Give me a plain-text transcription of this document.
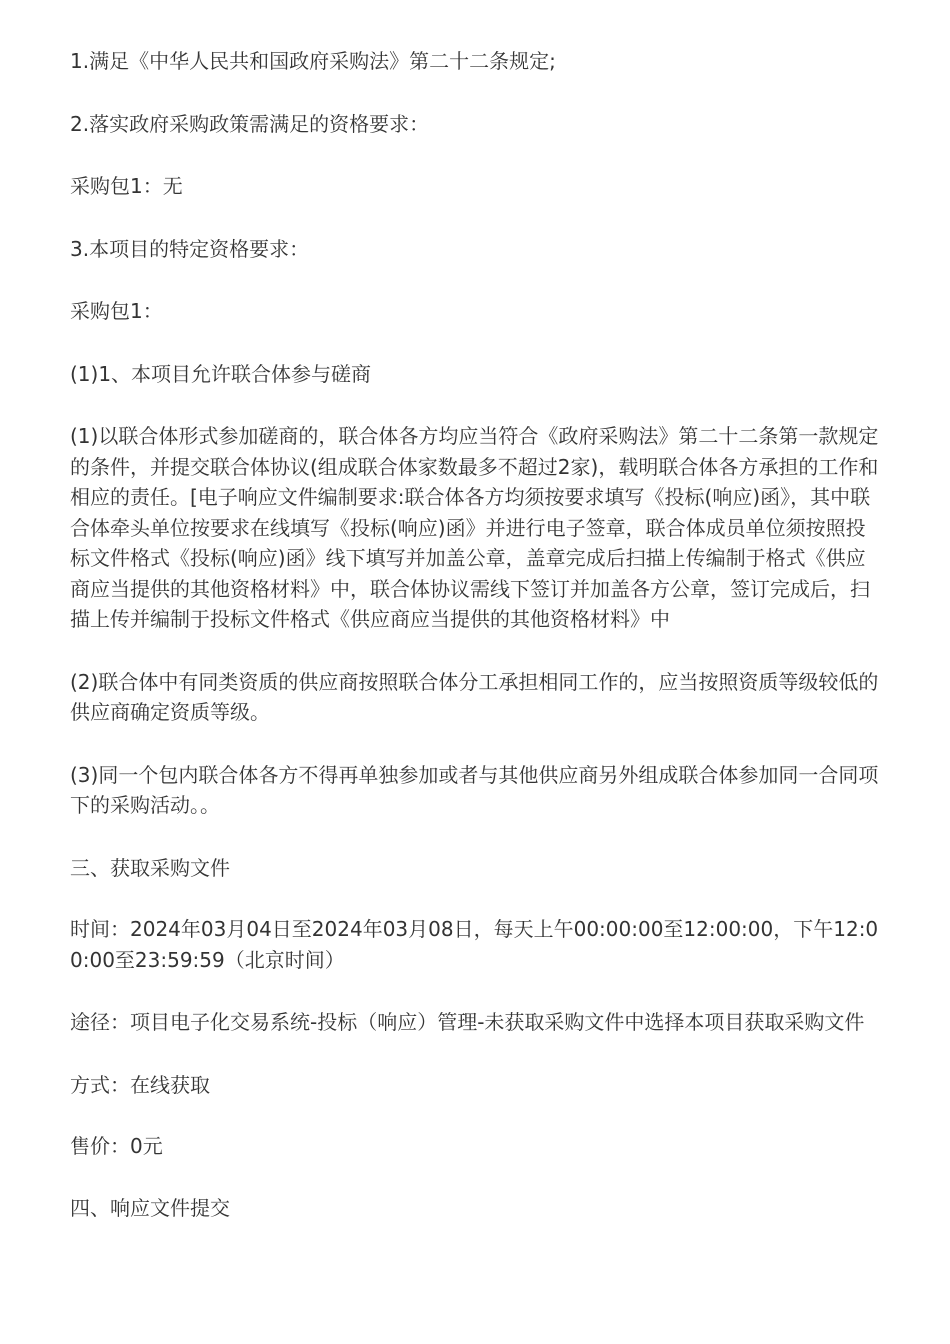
1.满足《中华人民共和国政府采购法》第二十二条规定;

2.落实政府采购政策需满足的资格要求：

采购包1：无

3.本项目的特定资格要求：

采购包1：

(1)1、本项目允许联合体参与磋商

(1)以联合体形式参加磋商的，联合体各方均应当符合《政府采购法》第二十二条第一款规定的条件，并提交联合体协议(组成联合体家数最多不超过2家)，载明联合体各方承担的工作和相应的责任。[电子响应文件编制要求:联合体各方均须按要求填写《投标(响应)函》，其中联合体牵头单位按要求在线填写《投标(响应)函》并进行电子签章，联合体成员单位须按照投标文件格式《投标(响应)函》线下填写并加盖公章，盖章完成后扫描上传编制于格式《供应商应当提供的其他资格材料》中，联合体协议需线下签订并加盖各方公章，签订完成后，扫描上传并编制于投标文件格式《供应商应当提供的其他资格材料》中

(2)联合体中有同类资质的供应商按照联合体分工承担相同工作的，应当按照资质等级较低的供应商确定资质等级。

(3)同一个包内联合体各方不得再单独参加或者与其他供应商另外组成联合体参加同一合同项下的采购活动。。

三、获取采购文件

时间：2024年03月04日至2024年03月08日，每天上午00:00:00至12:00:00，下午12:00:00至23:59:59（北京时间）

途径：项目电子化交易系统-投标（响应）管理-未获取采购文件中选择本项目获取采购文件

方式：在线获取

售价：0元

四、响应文件提交
